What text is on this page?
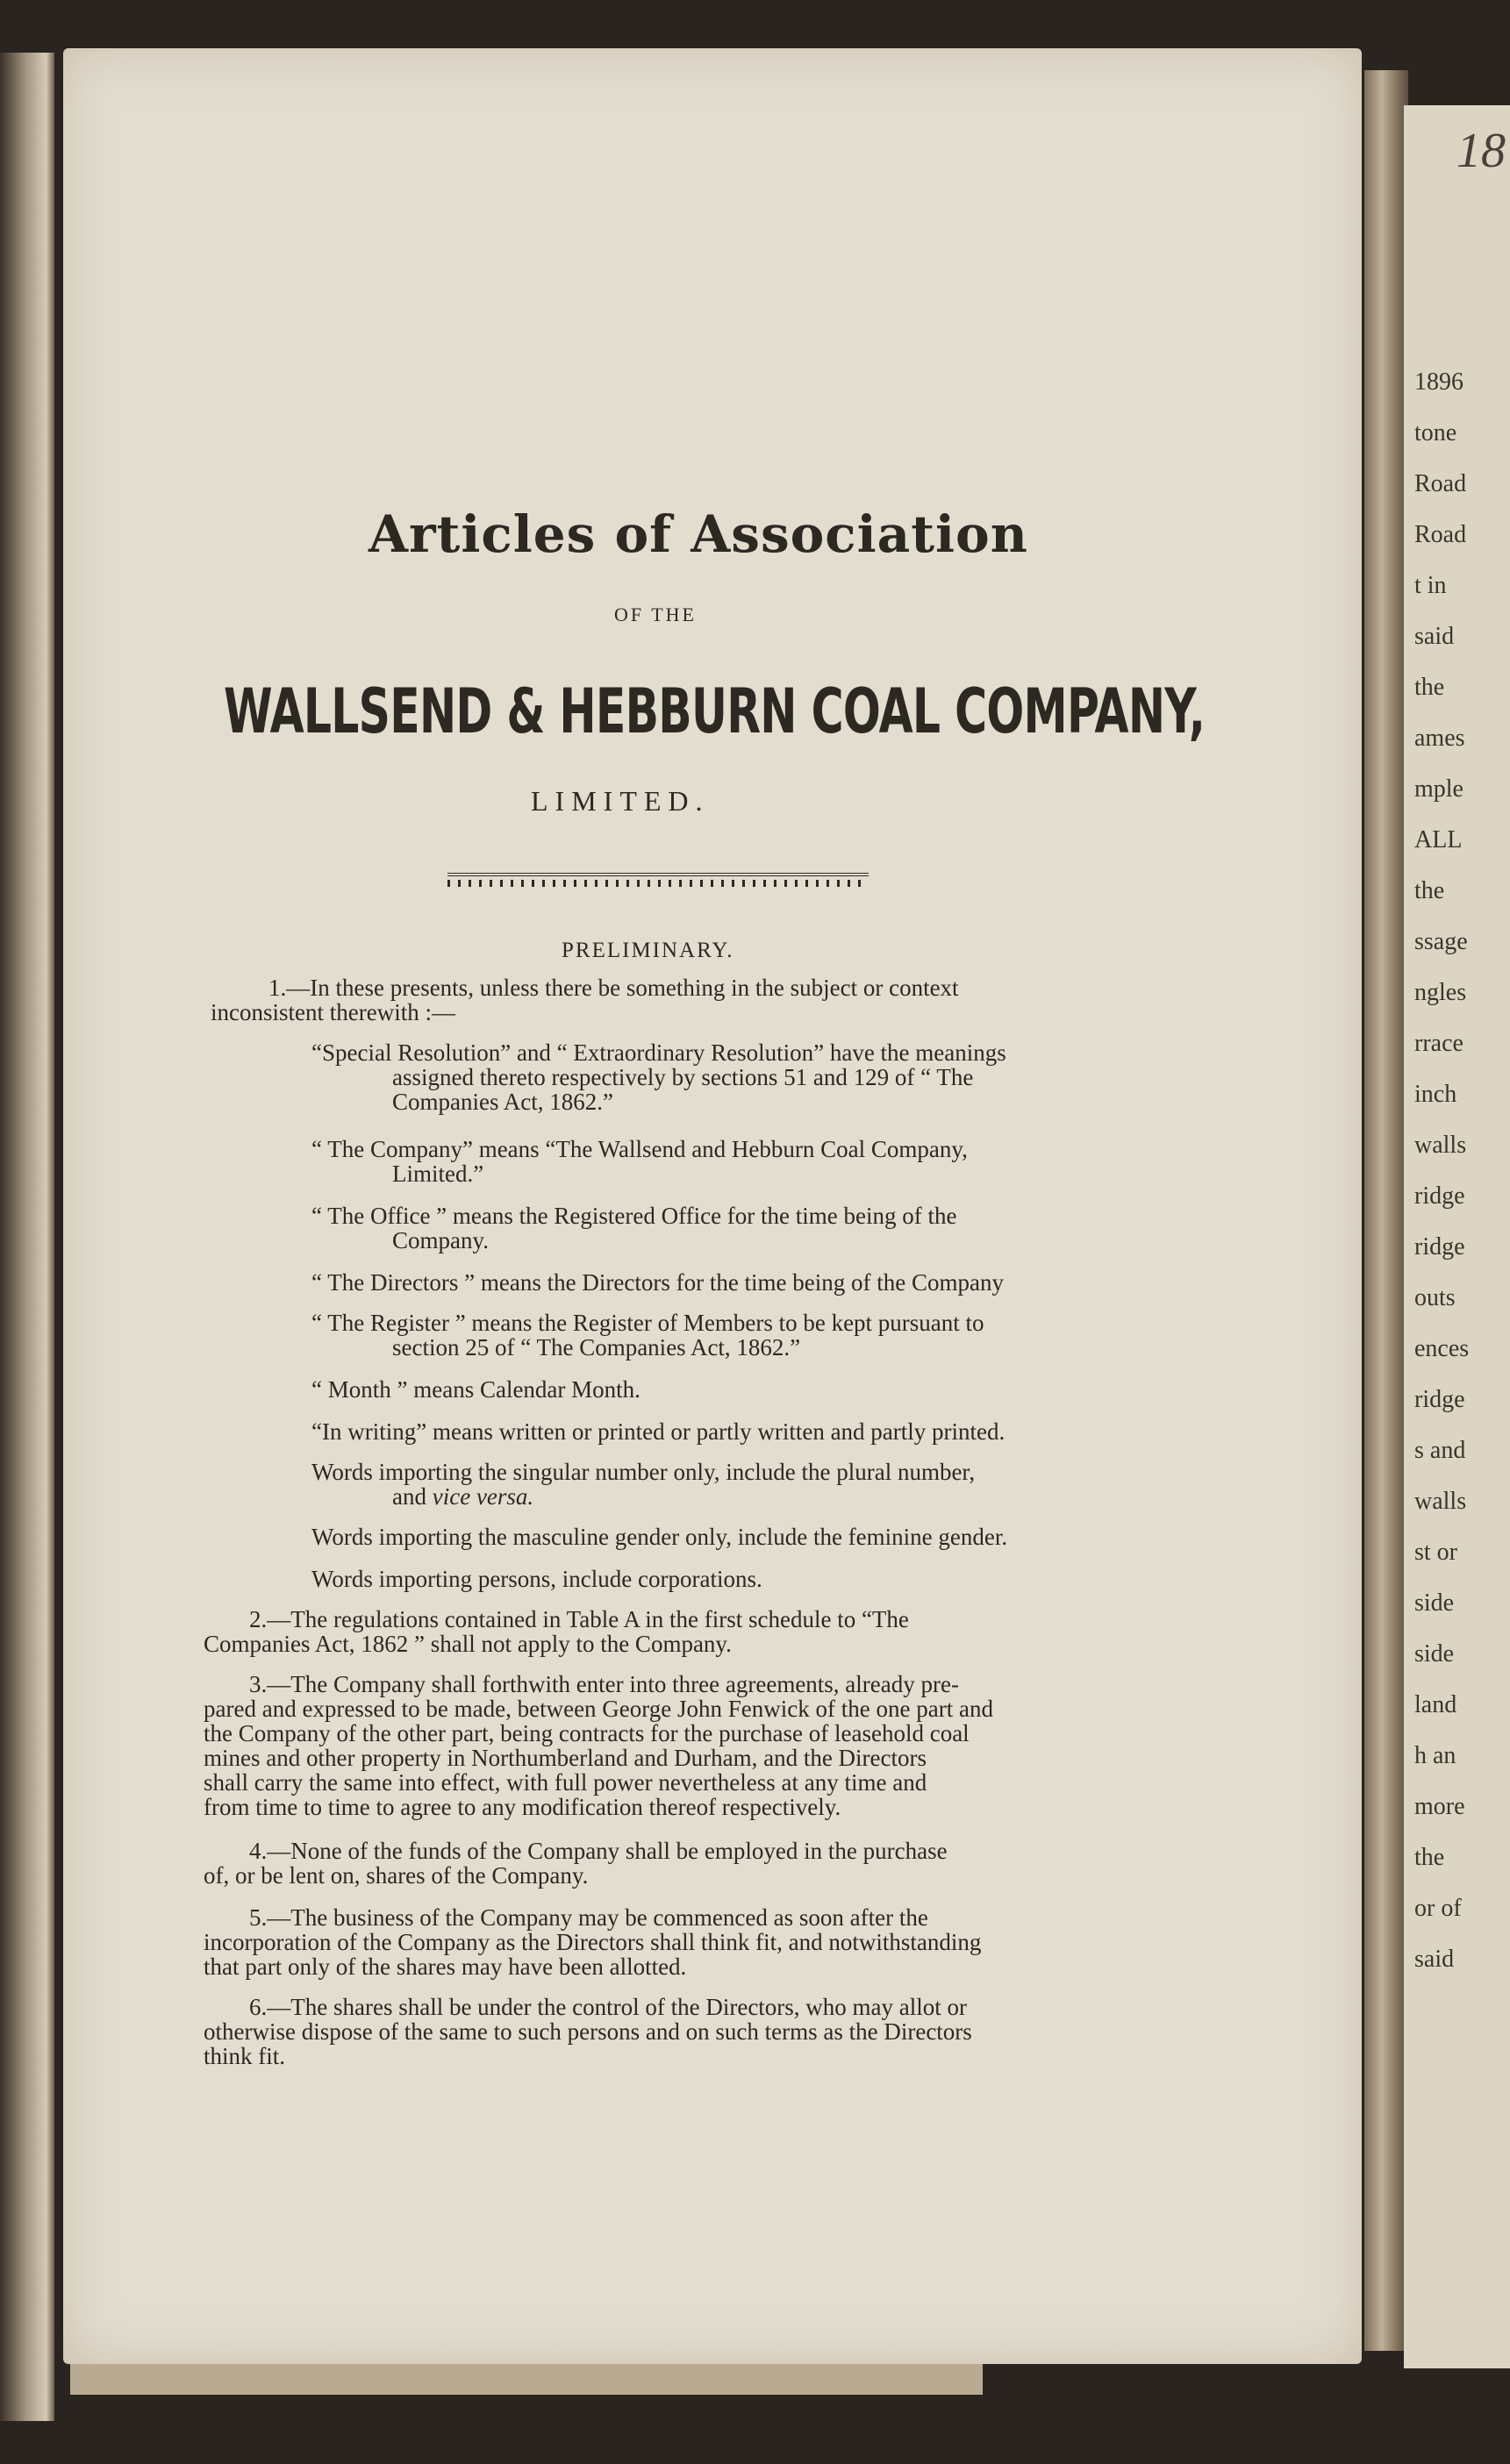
18
1896
tone
Road
Road
t in
said
the
ames
mple
ALL
the
ssage
ngles
rrace
inch
walls
ridge
ridge
outs
ences
ridge
s and
walls
st or
side
side
land
h an
more
the
or of
said
Articles of Association
OF THE
WALLSEND & HEBBURN COAL COMPANY,
LIMITED.
PRELIMINARY.
1.—In these presents, unless there be something in the subject or context
inconsistent therewith :—
“Special Resolution” and “ Extraordinary Resolution” have the meanings
assigned thereto respectively by sections 51 and 129 of “ The
Companies Act, 1862.”
“ The Company” means “The Wallsend and Hebburn Coal Company,
Limited.”
“ The Office ” means the Registered Office for the time being of the
Company.
“ The Directors ” means the Directors for the time being of the Company
“ The Register ” means the Register of Members to be kept pursuant to
section 25 of “ The Companies Act, 1862.”
“ Month ” means Calendar Month.
“In writing” means written or printed or partly written and partly printed.
Words importing the singular number only, include the plural number,
and vice versa.
Words importing the masculine gender only, include the feminine gender.
Words importing persons, include corporations.
2.—The regulations contained in Table A in the first schedule to “The
Companies Act, 1862 ” shall not apply to the Company.
3.—The Company shall forthwith enter into three agreements, already pre-
pared and expressed to be made, between George John Fenwick of the one part and
the Company of the other part, being contracts for the purchase of leasehold coal
mines and other property in Northumberland and Durham, and the Directors
shall carry the same into effect, with full power nevertheless at any time and
from time to time to agree to any modification thereof respectively.
4.—None of the funds of the Company shall be employed in the purchase
of, or be lent on, shares of the Company.
5.—The business of the Company may be commenced as soon after the
incorporation of the Company as the Directors shall think fit, and notwithstanding
that part only of the shares may have been allotted.
6.—The shares shall be under the control of the Directors, who may allot or
otherwise dispose of the same to such persons and on such terms as the Directors
think fit.
